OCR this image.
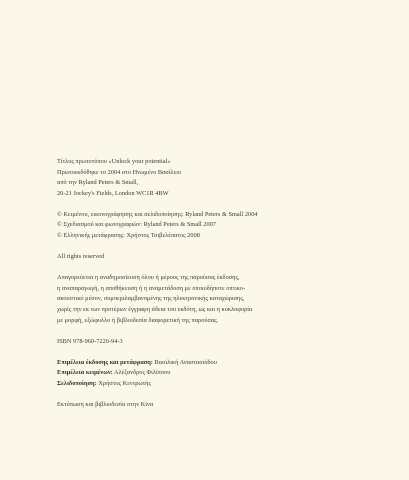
Τίτλος πρωτοτύπου «Unlock your potential»
Πρωτοεκδόθηκε το 2004 στο Ηνωμένο Βασίλειο
από την Ryland Peters & Small,
20-21 Jockey's Fields, London WC1R 4BW
© Κειμένου, εικονογράφησης και σελιδοποίησης: Ryland Peters & Small 2004
© Σχεδιασμού και φωτογραφιών: Ryland Peters & Small 2007
© Ελληνικής μετάφρασης: Χρήστος Τσιβελέπατος 2008
All rights reserved
Απαγορεύεται η αναδημοσίευση όλου ή μέρους της παρούσας έκδοσης,
η αναπαραγωγή, η αποθήκευση ή η αναμετάδοση με οποιοδήποτε οπτικο-
ακουστικό μέσον, συμπεριλαμβανομένης της ηλεκτρονικής καταχώρισης,
χωρίς την εκ των προτέρων έγγραφη άδεια του εκδότη, ως και η κυκλοφορία
με μορφή, εξώφυλλο ή βιβλιοδεσία διαφορετική της παρούσας.
ISBN 978-960-7220-94-3
Επιμέλεια έκδοσης και μετάφραση: Βασιλική Αναστασιάδου
Επιμέλεια κειμένων: Αλέξανδρος Φιλίππου
Σελιδοποίηση: Χρήστος Κεντρωτής
Εκτύπωση και βιβλιοδεσία στην Κίνα
